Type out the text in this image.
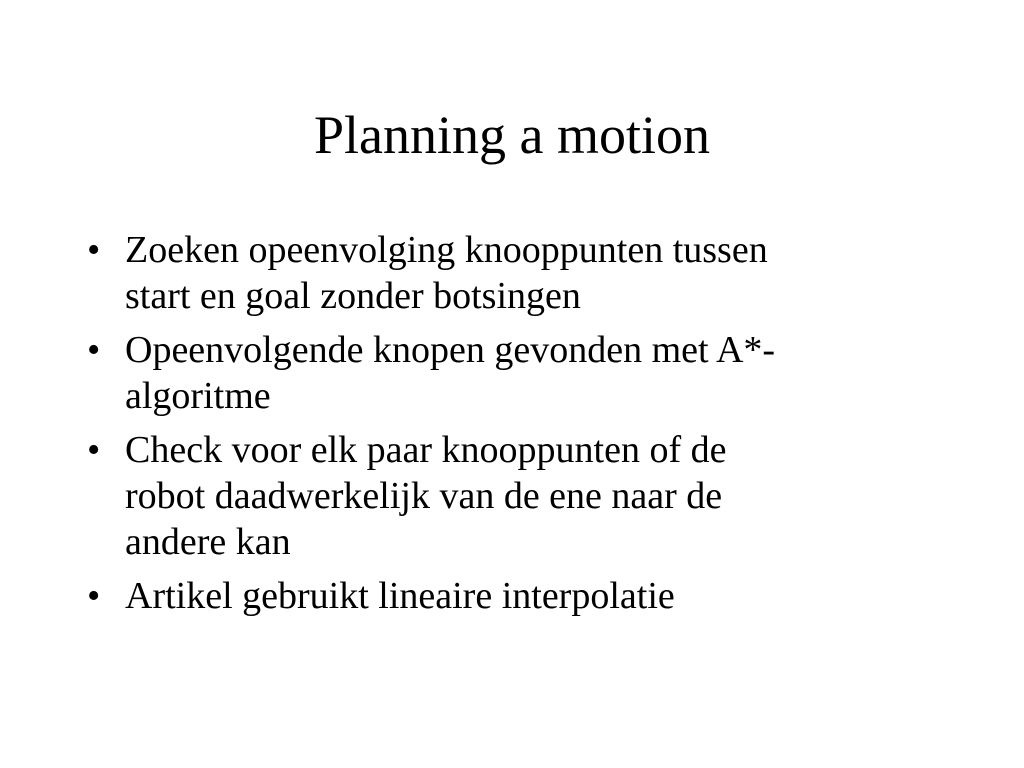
Planning a motion
• Zoeken opeenvolging knooppunten tussen
start en goal zonder botsingen
• Opeenvolgende knopen gevonden met A*-
algoritme
• Check voor elk paar knooppunten of de
robot daadwerkelijk van de ene naar de
andere kan
• Artikel gebruikt lineaire interpolatie
